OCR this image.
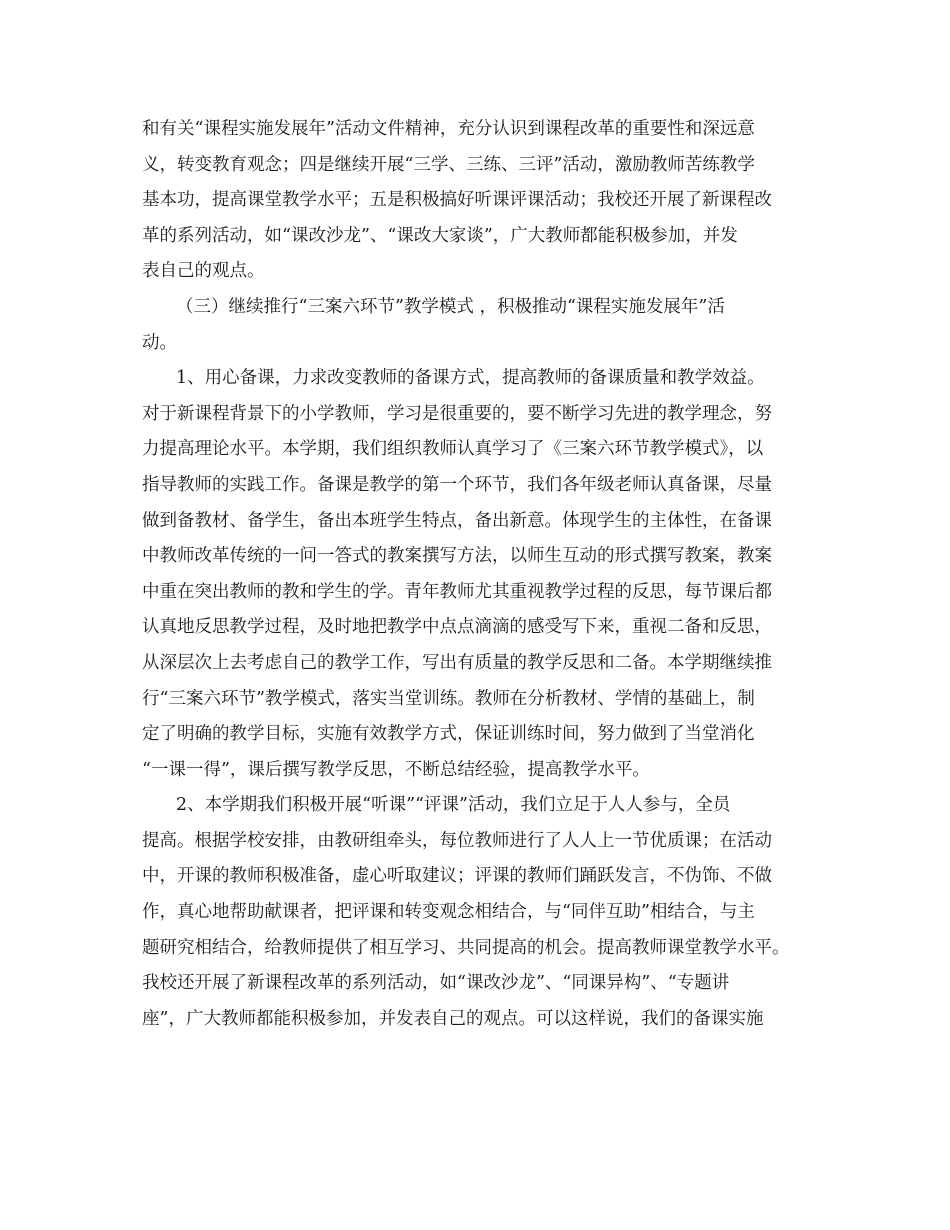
和有关“课程实施发展年”活动文件精神，充分认识到课程改革的重要性和深远意
义，转变教育观念；四是继续开展“三学、三练、三评”活动，激励教师苦练教学
基本功，提高课堂教学水平；五是积极搞好听课评课活动；我校还开展了新课程改
革的系列活动，如“课改沙龙”、“课改大家谈”，广大教师都能积极参加，并发
表自己的观点。
（三）继续推行“三案六环节”教学模式 ，积极推动“课程实施发展年”活
动。
1、用心备课，力求改变教师的备课方式，提高教师的备课质量和教学效益。
对于新课程背景下的小学教师，学习是很重要的，要不断学习先进的教学理念，努
力提高理论水平。本学期，我们组织教师认真学习了《三案六环节教学模式》，以
指导教师的实践工作。备课是教学的第一个环节，我们各年级老师认真备课，尽量
做到备教材、备学生，备出本班学生特点，备出新意。体现学生的主体性，在备课
中教师改革传统的一问一答式的教案撰写方法，以师生互动的形式撰写教案，教案
中重在突出教师的教和学生的学。青年教师尤其重视教学过程的反思，每节课后都
认真地反思教学过程，及时地把教学中点点滴滴的感受写下来，重视二备和反思，
从深层次上去考虑自己的教学工作，写出有质量的教学反思和二备。本学期继续推
行“三案六环节”教学模式，落实当堂训练。教师在分析教材、学情的基础上，制
定了明确的教学目标，实施有效教学方式，保证训练时间，努力做到了当堂消化
“一课一得”，课后撰写教学反思，不断总结经验，提高教学水平。
2、本学期我们积极开展“听课”“评课”活动，我们立足于人人参与，全员
提高。根据学校安排，由教研组牵头，每位教师进行了人人上一节优质课；在活动
中，开课的教师积极准备，虚心听取建议；评课的教师们踊跃发言，不伪饰、不做
作，真心地帮助献课者，把评课和转变观念相结合，与“同伴互助”相结合，与主
题研究相结合，给教师提供了相互学习、共同提高的机会。提高教师课堂教学水平。
我校还开展了新课程改革的系列活动，如“课改沙龙”、“同课异构”、“专题讲
座”，广大教师都能积极参加，并发表自己的观点。可以这样说，我们的备课实施
